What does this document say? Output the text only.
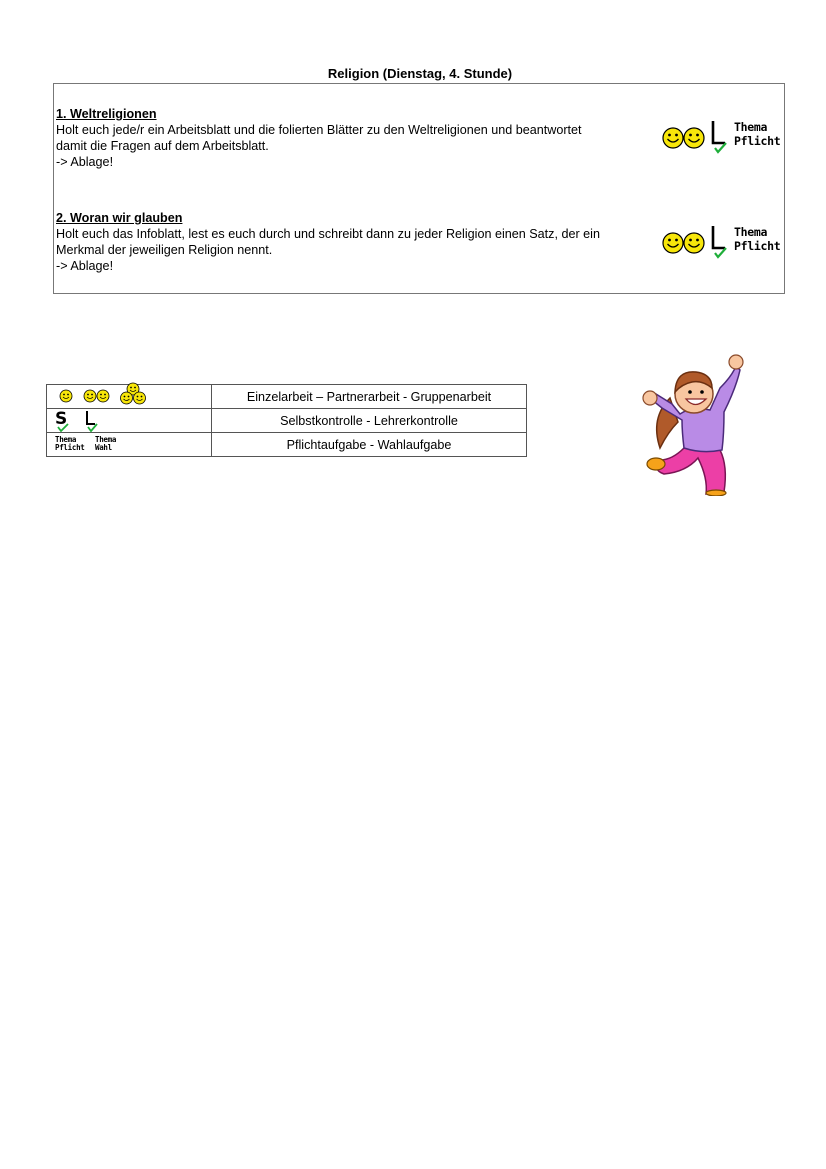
Religion (Dienstag, 4. Stunde)
1. Weltreligionen
Holt euch jede/r ein Arbeitsblatt und die folierten Blätter zu den Weltreligionen und beantwortet
damit die Fragen auf dem Arbeitsblatt.
-> Ablage!
Thema
Pflicht
2. Woran wir glauben
Holt euch das Infoblatt, lest es euch durch und schreibt dann zu jeder Religion einen Satz, der ein
Merkmal der jeweiligen Religion nennt.
-> Ablage!
Thema
Pflicht
	Einzelarbeit – Partnerarbeit - Gruppenarbeit

S	Selbstkontrolle - Lehrerkontrolle

Thema
Pflicht
Thema
Wahl	Pflichtaufgabe - Wahlaufgabe
